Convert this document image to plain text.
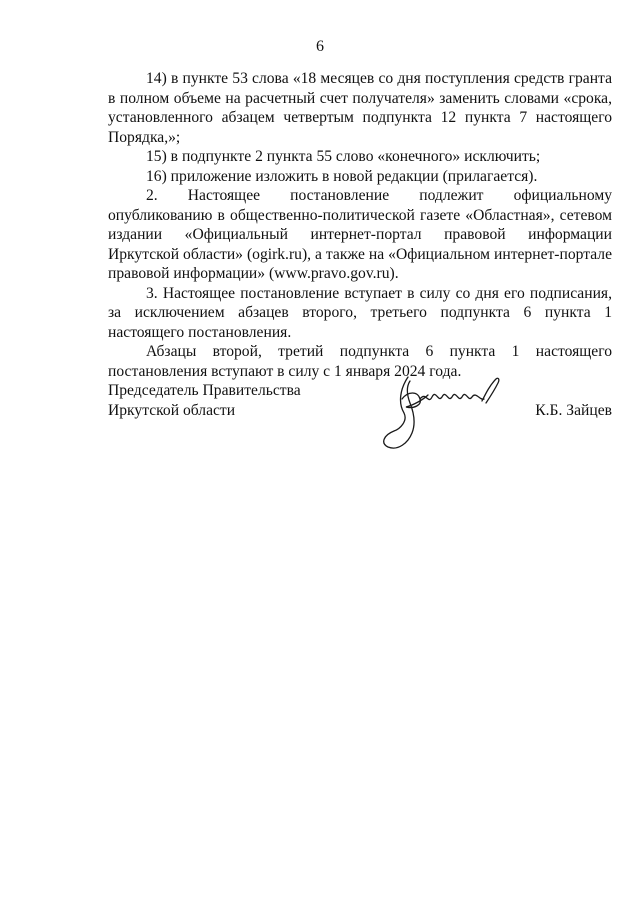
6

14) в пункте 53 слова «18 месяцев со дня поступления средств гранта в полном объеме на расчетный счет получателя» заменить словами «срока, установленного абзацем четвертым подпункта 12 пункта 7 настоящего Порядка,»;

15) в подпункте 2 пункта 55 слово «конечного» исключить;

16) приложение изложить в новой редакции (прилагается).

2. Настоящее постановление подлежит официальному опубликованию в общественно-политической газете «Областная», сетевом издании «Официальный интернет-портал правовой информации Иркутской области» (ogirk.ru), а также на «Официальном интернет-портале правовой информации» (www.pravo.gov.ru).

3. Настоящее постановление вступает в силу со дня его подписания, за исключением абзацев второго, третьего подпункта 6 пункта 1 настоящего постановления.

Абзацы второй, третий подпункта 6 пункта 1 настоящего постановления вступают в силу с 1 января 2024 года.

Председатель Правительства
Иркутской области	К.Б. Зайцев
